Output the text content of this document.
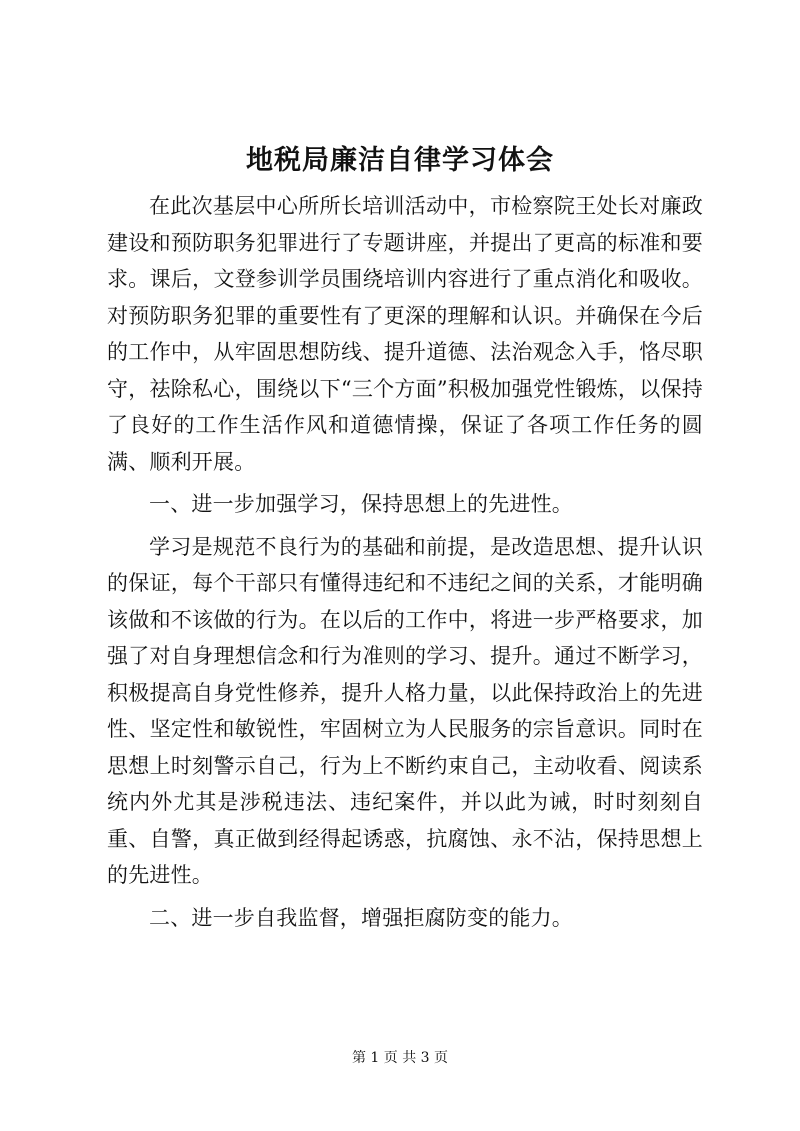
地税局廉洁自律学习体会

在此次基层中心所所长培训活动中，市检察院王处长对廉政建设和预防职务犯罪进行了专题讲座，并提出了更高的标准和要求。课后，文登参训学员围绕培训内容进行了重点消化和吸收。对预防职务犯罪的重要性有了更深的理解和认识。并确保在今后的工作中，从牢固思想防线、提升道德、法治观念入手，恪尽职守，祛除私心，围绕以下“三个方面”积极加强党性锻炼，以保持了良好的工作生活作风和道德情操，保证了各项工作任务的圆满、顺利开展。

一、进一步加强学习，保持思想上的先进性。

学习是规范不良行为的基础和前提，是改造思想、提升认识的保证，每个干部只有懂得违纪和不违纪之间的关系，才能明确该做和不该做的行为。在以后的工作中，将进一步严格要求，加强了对自身理想信念和行为准则的学习、提升。通过不断学习，积极提高自身党性修养，提升人格力量，以此保持政治上的先进性、坚定性和敏锐性，牢固树立为人民服务的宗旨意识。同时在思想上时刻警示自己，行为上不断约束自己，主动收看、阅读系统内外尤其是涉税违法、违纪案件，并以此为诫，时时刻刻自重、自警，真正做到经得起诱惑，抗腐蚀、永不沾，保持思想上的先进性。

二、进一步自我监督，增强拒腐防变的能力。

第 1 页 共 3 页
